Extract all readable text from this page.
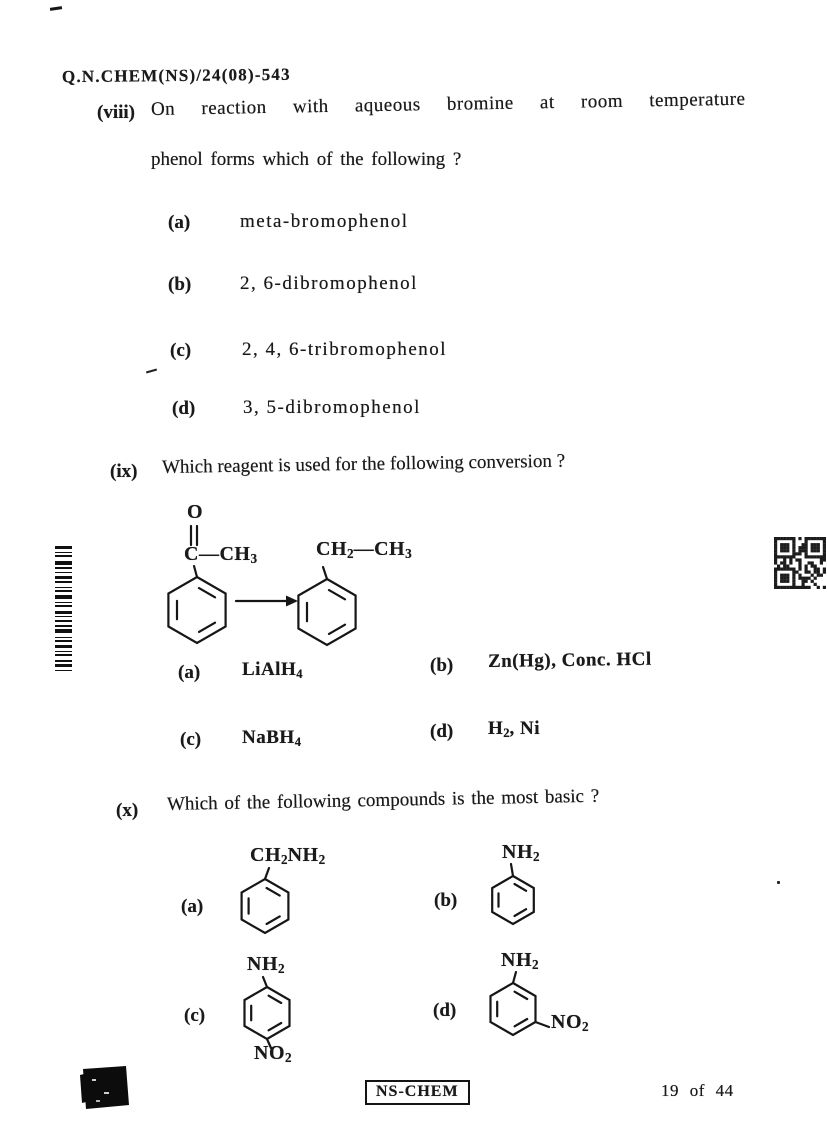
Q.N.CHEM(NS)/24(08)-543
(viii) On reaction with aqueous bromine at room temperature
phenol forms which of the following ?
(a)	meta-bromophenol
(b)	2, 6-dibromophenol
(c)	2, 4, 6-tribromophenol
(d)	3, 5-dibromophenol
(ix) Which reagent is used for the following conversion ?
O
$C—CH_3$	$CH_2—CH_3$
(a) LiAlH$_4$	(b) Zn(Hg), Conc. HCl
(c) NaBH$_4$	(d) $H_2$, Ni
(x) Which of the following compounds is the most basic ?
(a)
$CH_2NH_2$
(b)
$NH_2$
(c)
$NH_2$
$NO_2$
(d)
$NH_2$
$NO_2$
NS-CHEM	19 of 44
